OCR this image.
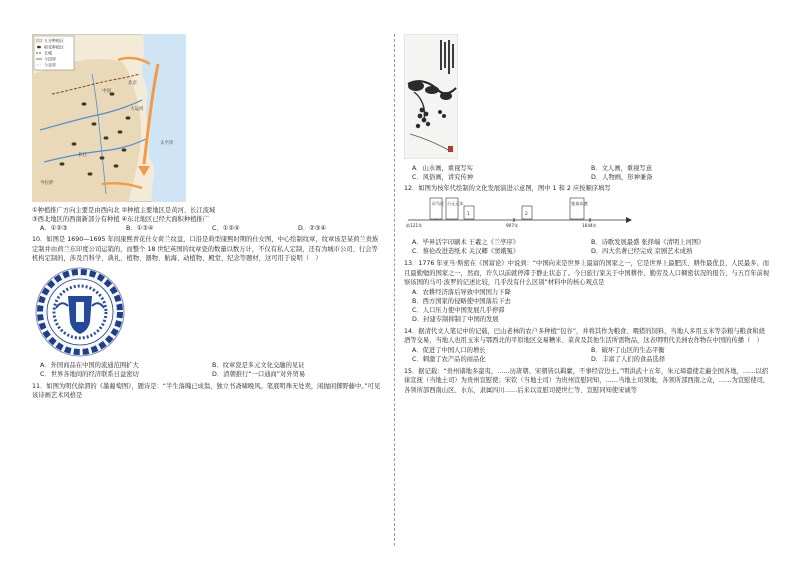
五谷种植区
棉花种植区
长城
今国界
今省界
中国
北京
大运河
长江
今拉萨
太平洋

①种植推广方向主要是由西向北 ②种植主要地区是黄河、长江流域

③西北地区的西南新部分有种植 ④东北地区已经大面积种植推广

A．①②③	B．①③④	C．①②④	D．②③④

10．如图是 1690—1695 年间康熙青花仕女荷兰纹盘，口沿是典型康熙时期的仕女图，中心绘制纹章，纹章该是某荷兰贵族定制并由荷兰东印度公司运销的，而整个 18 世纪英国的纹章瓷的数量以数万计，不仅有私人定制，还有为城市公司、行会等机构定制的，涉及百科学、典礼、植物、器物、航海、动植物、殿堂、纪念等题材，这可用于说明（　）

A．外国商品在中国的流通范围扩大	B．纹章瓷是多元文化交融的见证
C．世界各地间的经济联系日益密切	D．清朝推行“一口通商”对外贸易

11．如图为明代徐渭的《墨葡萄图》，题诗是：“半生落魄已成翁，独立书斋啸晚风。笔底明珠无处卖，闲抛闲掷野藤中。”可见该诗画艺术风格是

A．山水画，重视写实	B．文人画，重视写意
C．风俗画，讲究传神	D．人物画，形神兼备

12．如图为按年代绘制的文化发展演进示意图，图中 1 和 2 应按顺序填写

司马迁 公元元年
1	2
鉴真东渡
前121年	907年	1644年
A．毕昇活字印刷术 王羲之《兰亭序》	B．诗歌发展最盛 张择端《清明上河图》
C．蔡伦改进造纸术 关汉卿《窦娥冤》	D．四大名著已经完成 京剧艺术成熟

13．1776 年亚当·斯密在《国富论》中说到：“中国向来是世界上最富的国家之一，它是世界上最肥沃、耕作最优良、人民最多、而且最勤勉的国家之一，然而，许久以前就停滞于静止状态了。今日旅行家关于中国耕作、勤劳及人口稠密状况的报告，与五百年前视察该国的马可·波罗的记述比较，几乎没有什么区别”材料中的核心观点是

A．农耕经济落后导致中国国力下降

B．西方国家的侵略使中国落后下去

C．人口压力使中国发展几乎停滞

D．封建专制抑制了中国的发展

14．据清代文人笔记中的记载，巴山老林的农户多种植“包谷”，并将其作为粮食、喂猪的饲料，当地人多用玉米等杂粮与粮食和烧酒等交易，当地人也用玉米与鄂西北的平原地区交易糟米、菜黄及其他生活所需物品，这表明明代美洲农作物在中国的传播（　）

A．促进了中国人口的增长	B．破坏了山区的生态平衡
C．刺激了农产品的商品化	D．丰富了人们的食品选择

15．据记载：“贵州诸地多蛮夷，……历唐朝、宋朝皆以羁縻，不事经营边土。”明洪武十五年，朱元璋遣使走遍全国各地，……以招徕宣抚（当地土司）为贵州宣慰使；宋钦（当地土司）为贵州宣慰同知，……当地土司领地，各领所部西南之众，……为宣慰使司，各领所部西南山区、水东，隶属四川……后来以宣慰司使世仁等、宣慰同知使宋诚等
